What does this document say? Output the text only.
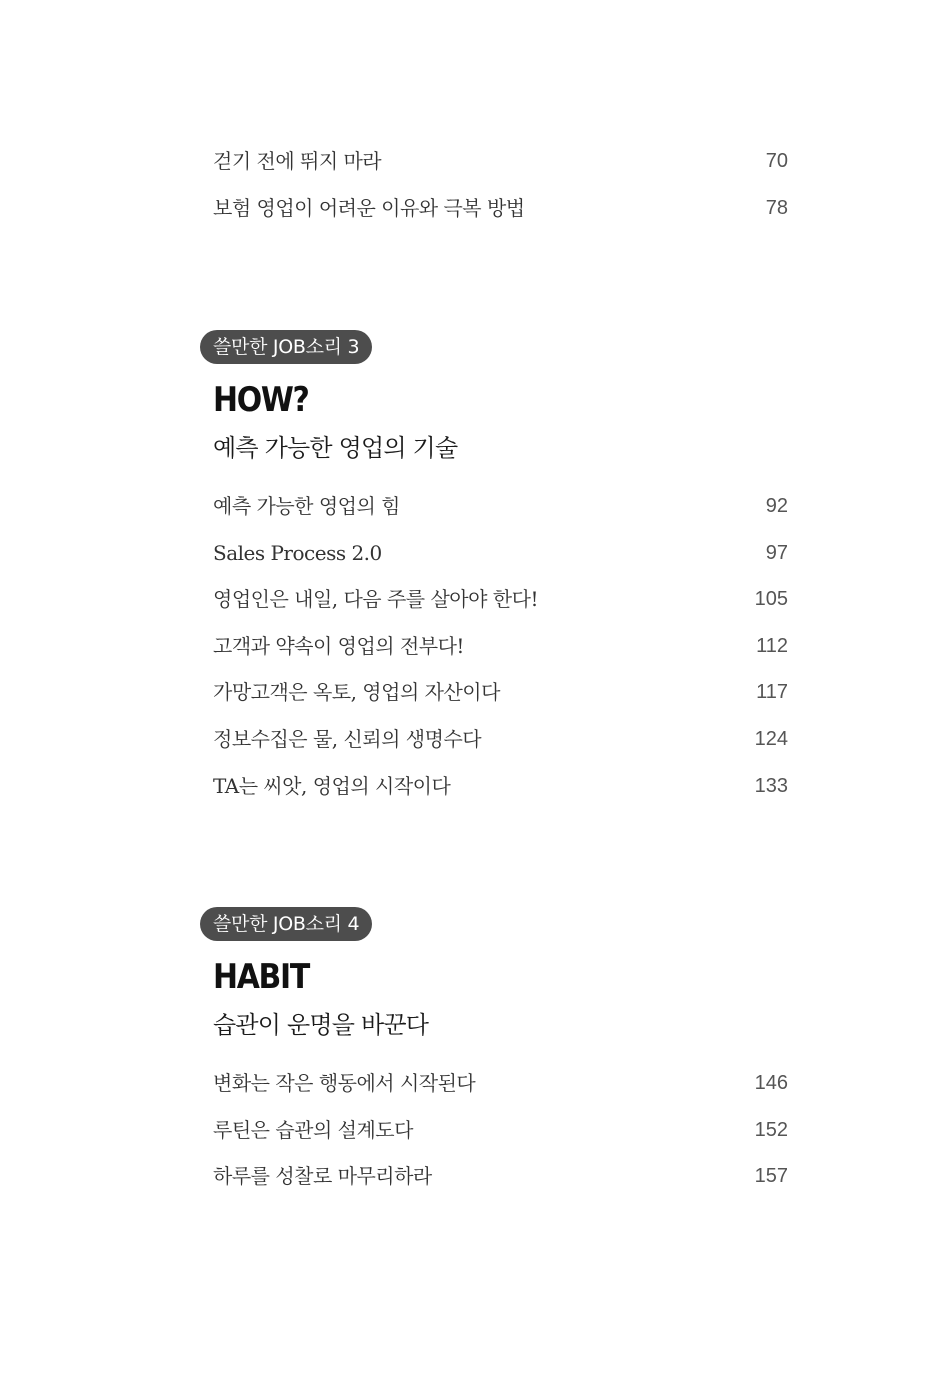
걷기 전에 뛰지 마라	70
보험 영업이 어려운 이유와 극복 방법	78
쓸만한 JOB소리 3
HOW?
예측 가능한 영업의 기술
예측 가능한 영업의 힘	92
Sales Process 2.0	97
영업인은 내일, 다음 주를 살아야 한다!	105
고객과 약속이 영업의 전부다!	112
가망고객은 옥토, 영업의 자산이다	117
정보수집은 물, 신뢰의 생명수다	124
TA는 씨앗, 영업의 시작이다	133
쓸만한 JOB소리 4
HABIT
습관이 운명을 바꾼다
변화는 작은 행동에서 시작된다	146
루틴은 습관의 설계도다	152
하루를 성찰로 마무리하라	157
